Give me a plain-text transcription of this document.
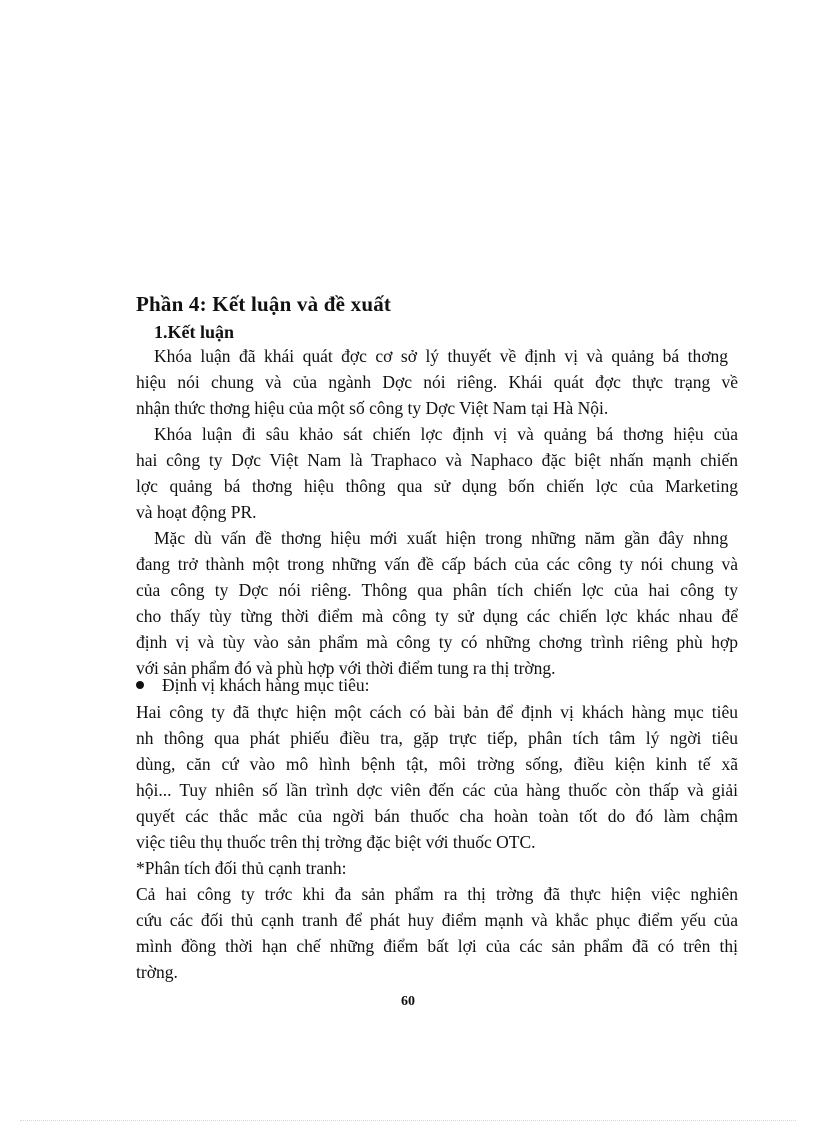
Phần 4: Kết luận và đề xuất
1.Kết luận
Khóa luận đã khái quát đợc cơ sở lý thuyết về định vị và quảng bá thơng
hiệu nói chung và của ngành Dợc nói riêng. Khái quát đợc thực trạng về
nhận thức thơng hiệu của một số công ty Dợc Việt Nam tại Hà Nội.
Khóa luận đi sâu khảo sát chiến lợc định vị và quảng bá thơng hiệu của
hai công ty Dợc Việt Nam là Traphaco và Naphaco đặc biệt nhấn mạnh chiến
lợc quảng bá thơng hiệu thông qua sử dụng bốn chiến lợc của Marketing
và hoạt động PR.
Mặc dù vấn đề thơng hiệu mới xuất hiện trong những năm gần đây nhng
đang trở thành một trong những vấn đề cấp bách của các công ty nói chung và
của công ty Dợc nói riêng. Thông qua phân tích chiến lợc của hai công ty
cho thấy tùy từng thời điểm mà công ty sử dụng các chiến lợc khác nhau để
định vị và tùy vào sản phẩm mà công ty có những chơng trình riêng phù hợp
với sản phẩm đó và phù hợp với thời điểm tung ra thị trờng.
Định vị khách hàng mục tiêu:
Hai công ty đã thực hiện một cách có bài bản để định vị khách hàng mục tiêu
nh thông qua phát phiếu điều tra, gặp trực tiếp, phân tích tâm lý ngời tiêu
dùng, căn cứ vào mô hình bệnh tật, môi trờng sống, điều kiện kinh tế xã
hội... Tuy nhiên số lần trình dợc viên đến các của hàng thuốc còn thấp và giải
quyết các thắc mắc của ngời bán thuốc cha hoàn toàn tốt do đó làm chậm
việc tiêu thụ thuốc trên thị trờng đặc biệt với thuốc OTC.
*Phân tích đối thủ cạnh tranh:
Cả hai công ty trớc khi đa sản phẩm ra thị trờng đã thực hiện việc nghiên
cứu các đối thủ cạnh tranh để phát huy điểm mạnh và khắc phục điểm yếu của
mình đồng thời hạn chế những điểm bất lợi của các sản phẩm đã có trên thị
trờng.
60
